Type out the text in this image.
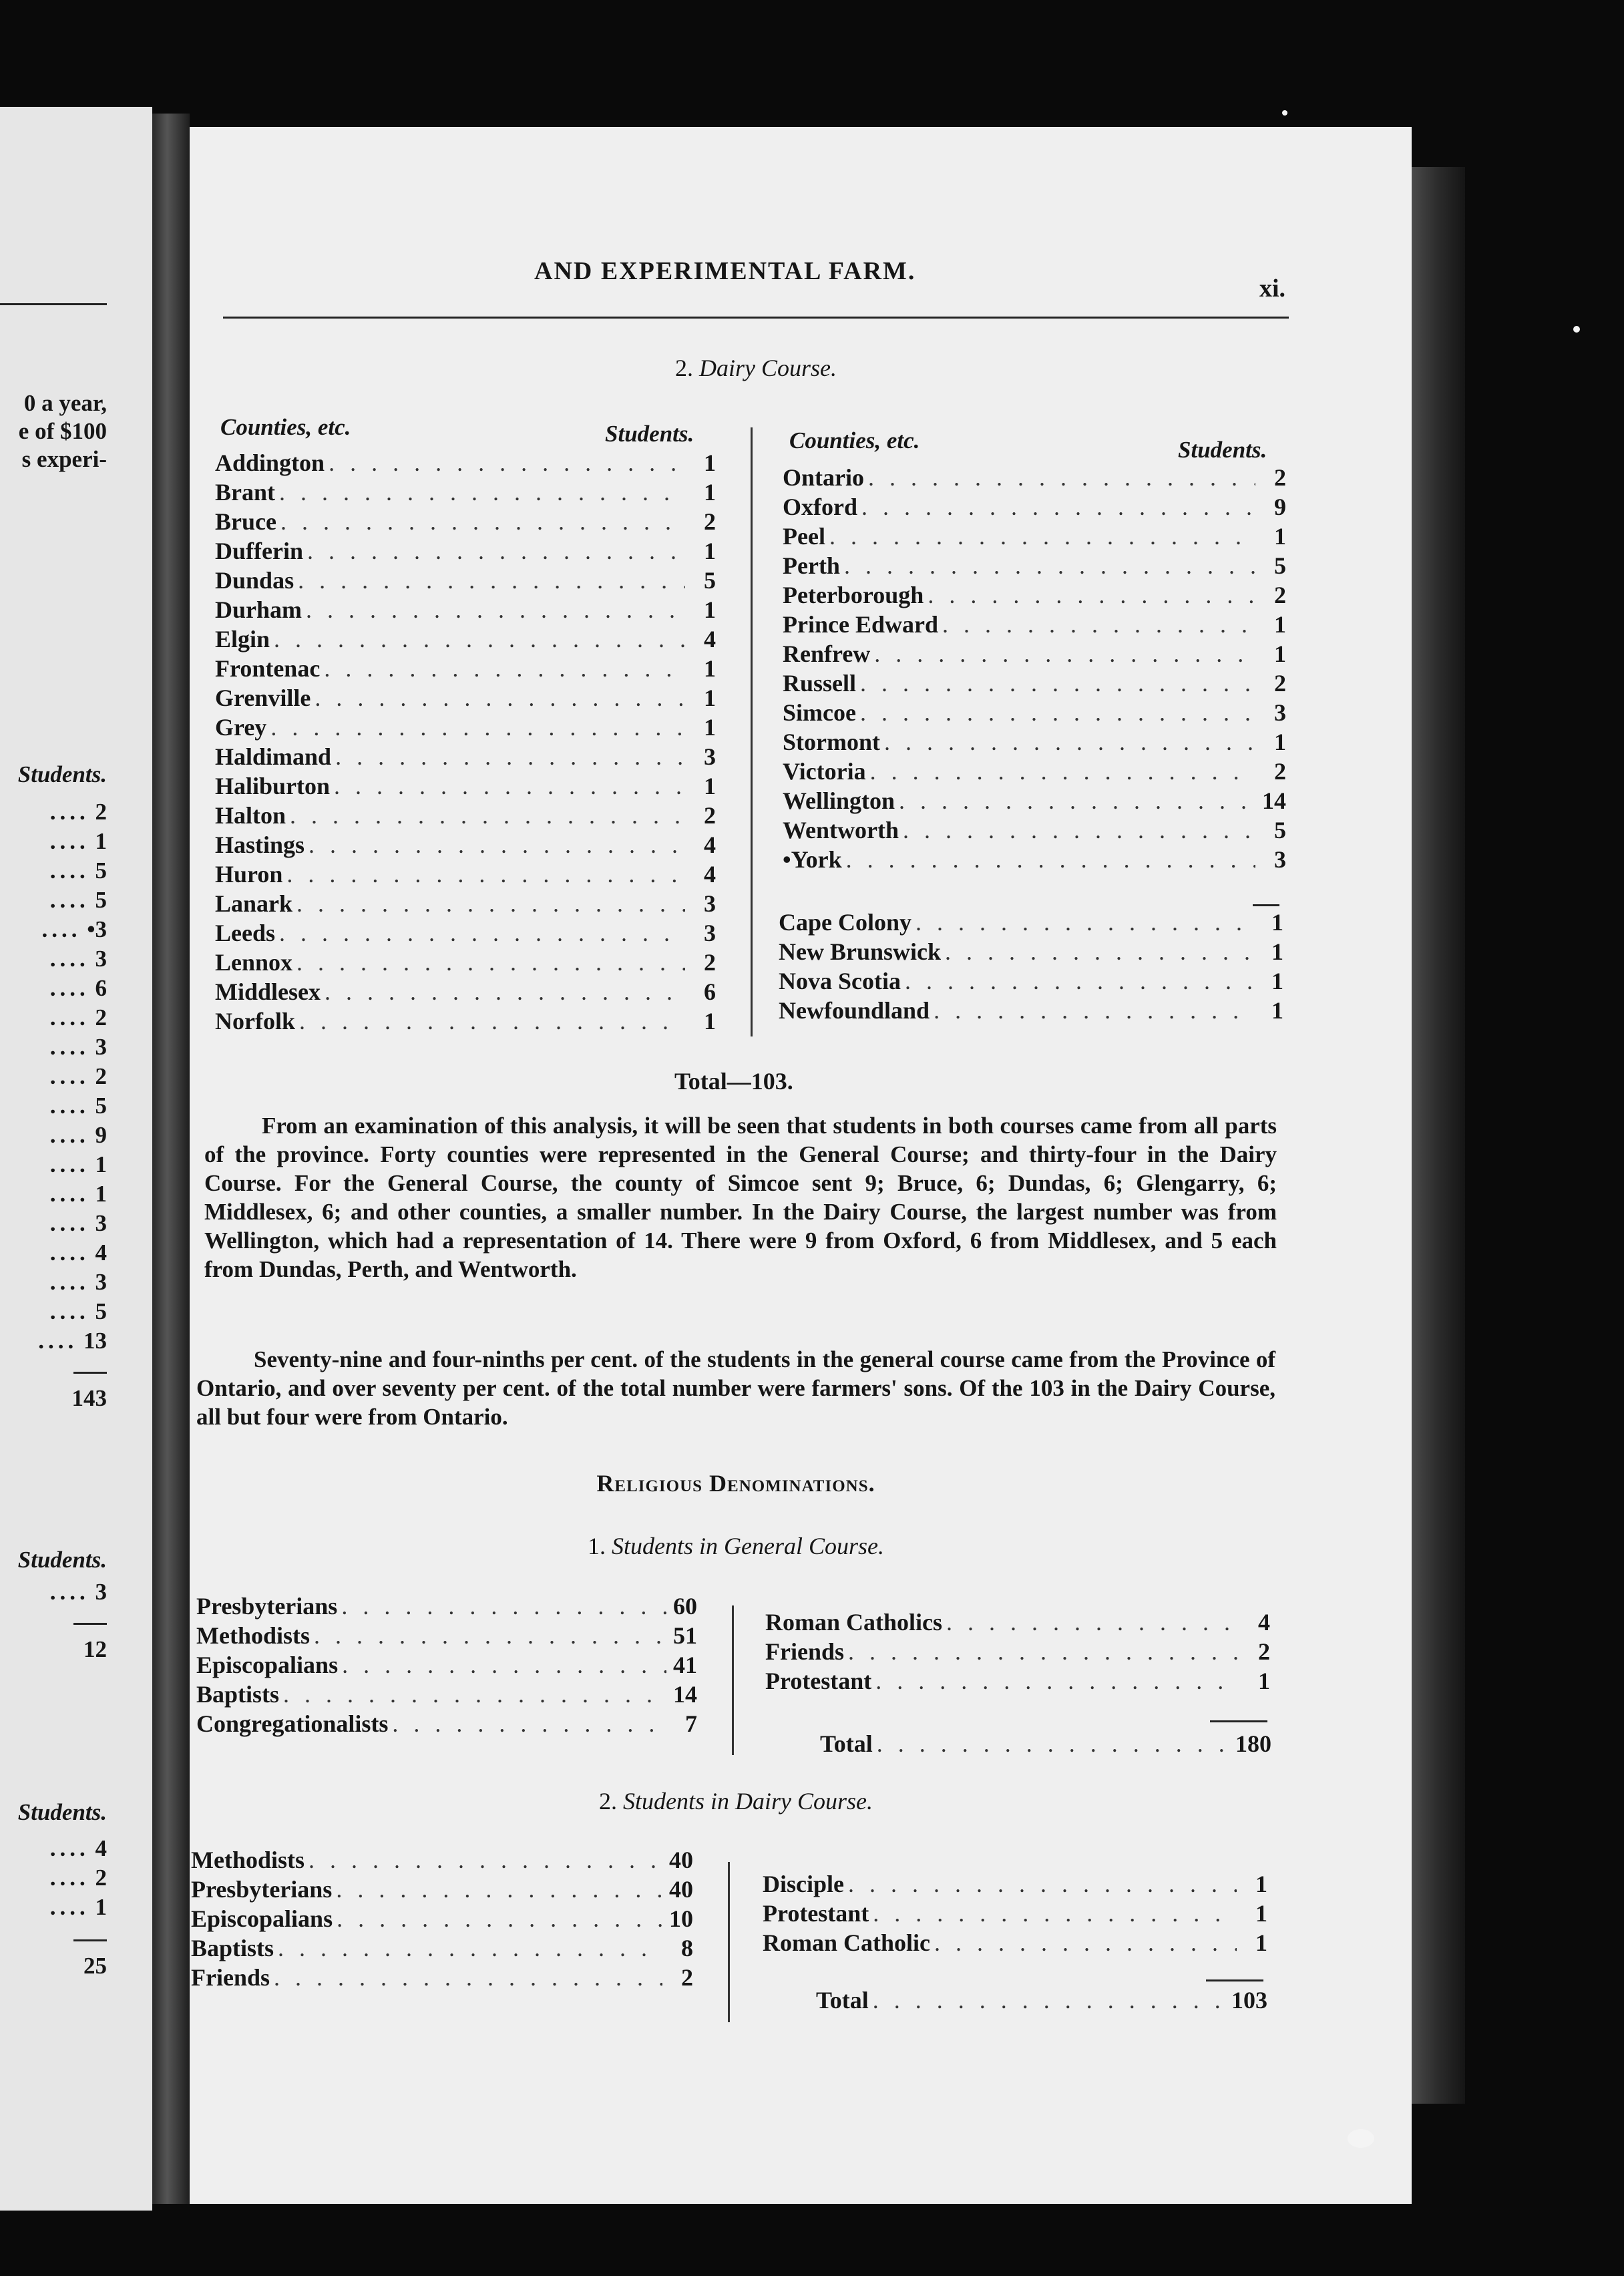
0 a year,
e of $100
s experi-
Students.
.... 2
.... 1
.... 5
.... 5
.... •3
.... 3
.... 6
.... 2
.... 3
.... 2
.... 5
.... 9
.... 1
.... 1
.... 3
.... 4
.... 3
.... 5
.... 13
143
Students.
.... 3
12
Students.
.... 4
.... 2
.... 1
25
AND EXPERIMENTAL FARM.
xi.
2. Dairy Course.
Counties, etc.	Students.	Counties, etc.	Students.
Addington . . .	1
Brant . . .	1
Bruce . . .	2
Dufferin . . .	1
Dundas . . .	5
Durham . . .	1
Elgin . . .	4
Frontenac . . .	1
Grenville . . .	1
Grey . . .	1
Haldimand . . .	3
Haliburton . . .	1
Halton . . .	2
Hastings . . .	4
Huron . . .	4
Lanark . . .	3
Leeds . . .	3
Lennox . . .	2
Middlesex . . .	6
Norfolk . . .	1
Ontario . . .	2
Oxford . . .	9
Peel . . .	1
Perth . . .	5
Peterborough . . .	2
Prince Edward . . .	1
Renfrew . . .	1
Russell . . .	2
Simcoe . . .	3
Stormont . . .	1
Victoria . . .	2
Wellington . . .	14
Wentworth . . .	5
•York . . .	3
Cape Colony . . .	1
New Brunswick . . .	1
Nova Scotia . . .	1
Newfoundland . . .	1
Total—103.
From an examination of this analysis, it will be seen that students in both courses came from all parts of the province. Forty counties were represented in the General Course; and thirty-four in the Dairy Course. For the General Course, the county of Simcoe sent 9; Bruce, 6; Dundas, 6; Glengarry, 6; Middlesex, 6; and other counties, a smaller number. In the Dairy Course, the largest number was from Wellington, which had a representation of 14. There were 9 from Oxford, 6 from Middlesex, and 5 each from Dundas, Perth, and Wentworth.
Seventy-nine and four-ninths per cent. of the students in the general course came from the Province of Ontario, and over seventy per cent. of the total number were farmers' sons. Of the 103 in the Dairy Course, all but four were from Ontario.
Religious Denominations.
1. Students in General Course.
Presbyterians . . .	60
Methodists . . .	51
Episcopalians . . .	41
Baptists . . .	14
Congregationalists . . .	7
Roman Catholics . . .	4
Friends . . .	2
Protestant . . .	1
Total . . .	180
2. Students in Dairy Course.
Methodists . . .	40
Presbyterians . . .	40
Episcopalians . . .	10
Baptists . . .	8
Friends . . .	2
Disciple . . .	1
Protestant . . .	1
Roman Catholic . . .	1
Total . . .	103
